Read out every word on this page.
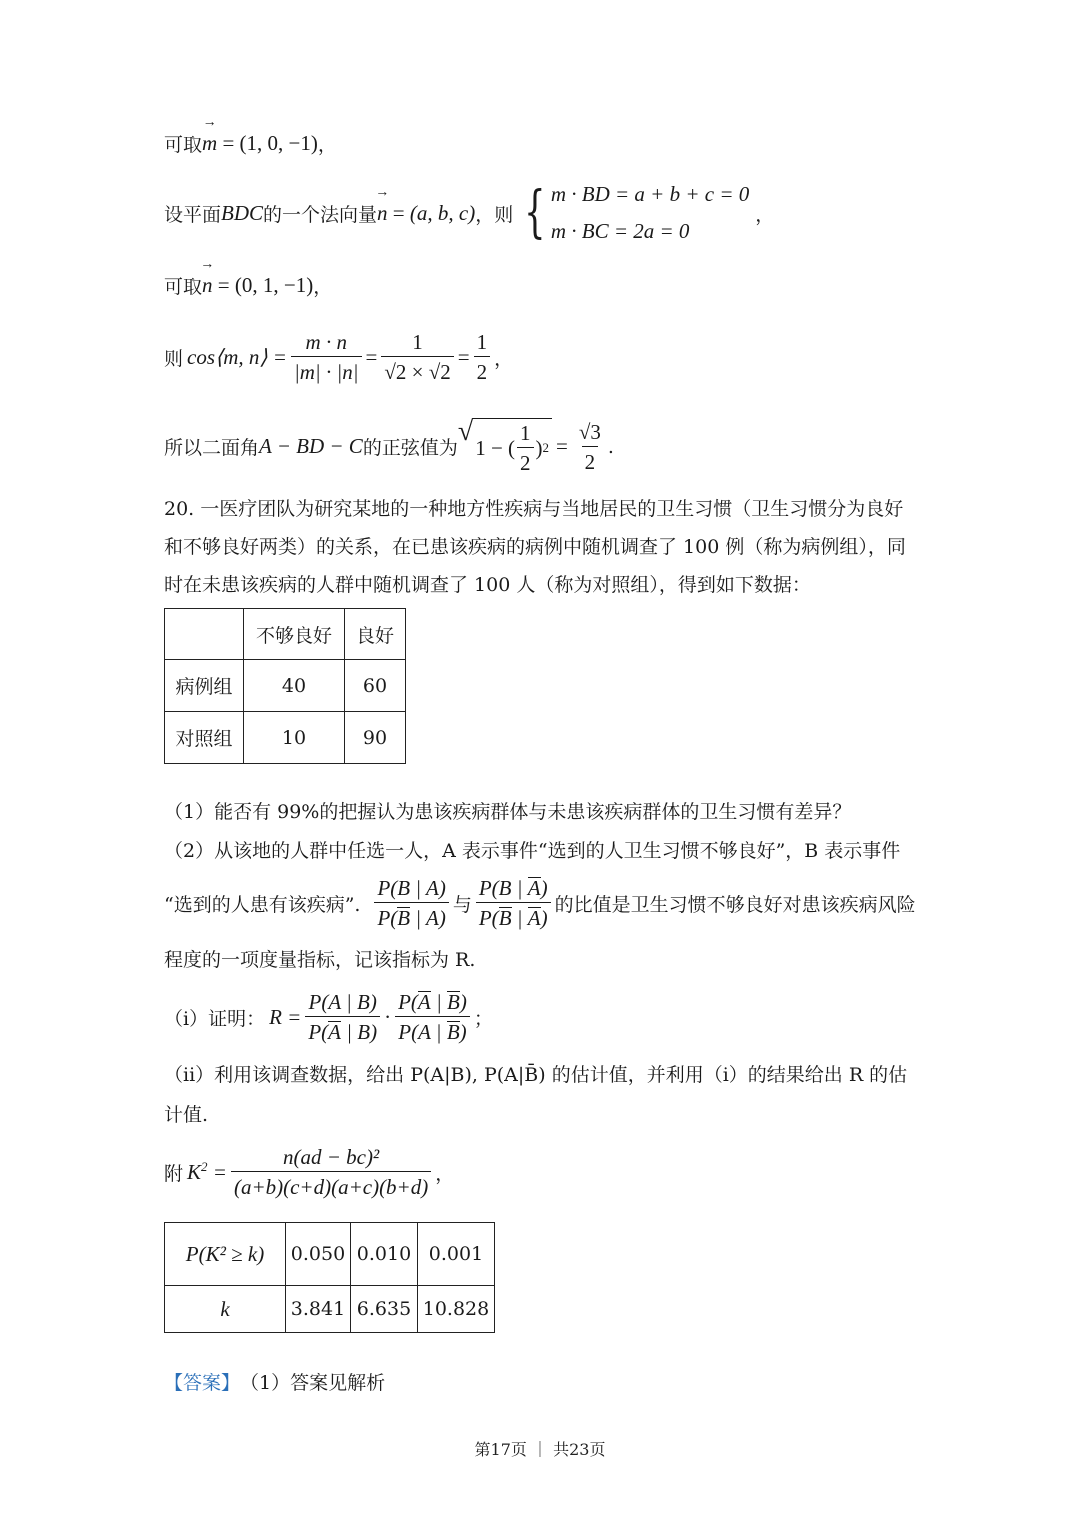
可取 → m = (1, 0, −1) ，
设平面 BDC 的一个法向量 → n = (a, b, c) ，则 { m · BD = a + b + c = 0
m · BC = 2a = 0
，
可取 → n = (0, 1, −1) ，
则 cos⟨m, n⟩ = $\frac{m \cdot n}{|m| \cdot |n|} = \frac{1}{√2 \times √2} = \frac{1}{2}$ ，
所以二面角 A − BD − C 的正弦值为
√
1 − ( $\frac{1}{2}$ ) $2 = \frac{√3}{2}$ .
20. 一医疗团队为研究某地的一种地方性疾病与当地居民的卫生习惯（卫生习惯分为良好和不够良好两类）的关系，在已患该疾病的病例中随机调查了 100 例（称为病例组），同时在未患该疾病的人群中随机调查了 100 人（称为对照组），得到如下数据：
	不够良好	良好
病例组	40	60
对照组	10	90
（1）能否有 99%的把握认为患该疾病群体与未患该疾病群体的卫生习惯有差异？
（2）从该地的人群中任选一人，A 表示事件“选到的人卫生习惯不够良好”，B 表示事件
“选到的人患有该疾病”. $\frac{P(B | A)}{P(B | A)}$ 与 $\frac{P(B | A)}{P(B | A)}$ 的比值是卫生习惯不够良好对患该疾病风险
程度的一项度量指标，记该指标为 R.
（i）证明： $R = \frac{P(A | B)}{P(A | B)} \cdot \frac{P(A | B)}{P(A | B)}$ ；
（ii）利用该调查数据，给出 P(A|B), P(A|B̄) 的估计值，并利用（i）的结果给出 R 的估
计值.
附 $K^2 = \frac{\text{n(ad − bc)²}}{(a+b)(c+d)(a+c)(b+d)}$ ，
P(K² ≥ k)	0.050	0.010	0.001
k	3.841	6.635	10.828
【答案】 （1）答案见解析
第17页 ｜ 共23页
